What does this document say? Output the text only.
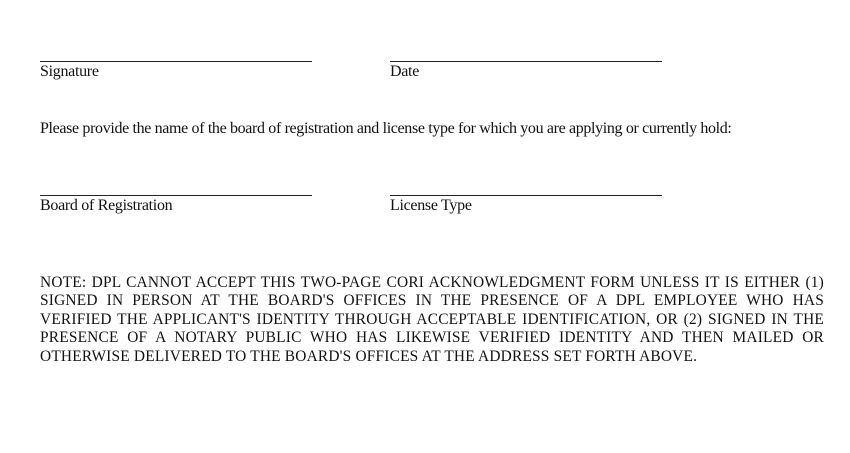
Signature	Date
Please provide the name of the board of registration and license type for which you are applying or currently hold:
Board of Registration	License Type

NOTE: DPL CANNOT ACCEPT THIS TWO-PAGE CORI ACKNOWLEDGMENT FORM UNLESS IT IS EITHER (1) SIGNED IN PERSON AT THE BOARD'S OFFICES IN THE PRESENCE OF A DPL EMPLOYEE WHO HAS VERIFIED THE APPLICANT'S IDENTITY THROUGH ACCEPTABLE IDENTIFICATION, OR (2) SIGNED IN THE PRESENCE OF A NOTARY PUBLIC WHO HAS LIKEWISE VERIFIED IDENTITY AND THEN MAILED OR OTHERWISE DELIVERED TO THE BOARD'S OFFICES AT THE ADDRESS SET FORTH ABOVE.
